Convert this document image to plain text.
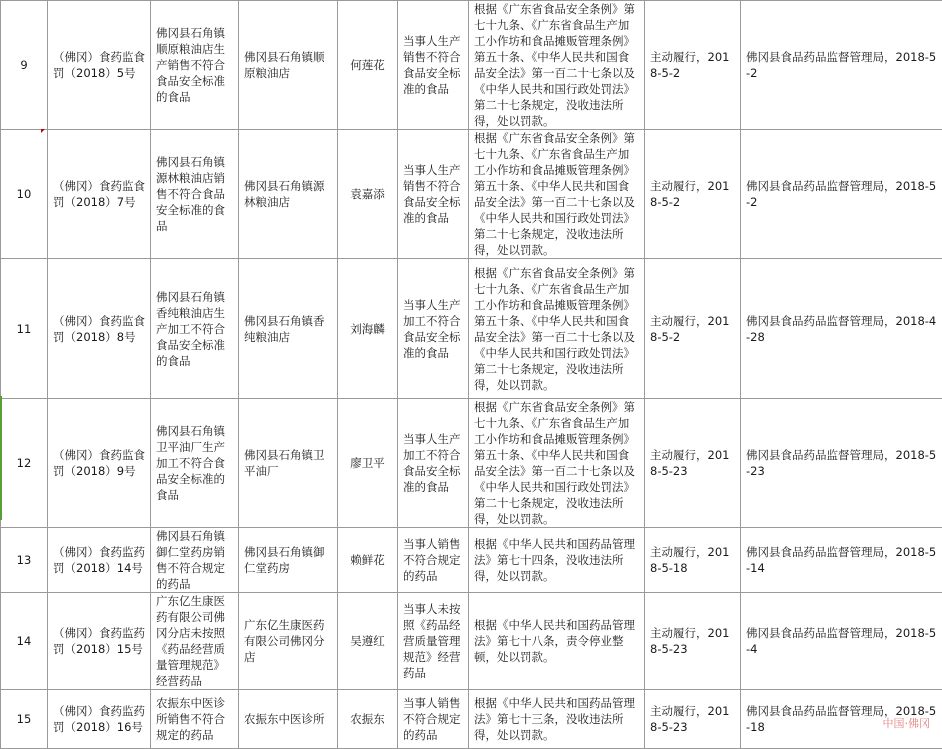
9	（佛冈）食药监食罚（2018）5号	佛冈县石角镇顺原粮油店生产销售不符合食品安全标准的食品	佛冈县石角镇顺原粮油店	何莲花	当事人生产销售不符合食品安全标准的食品	根据《广东省食品安全条例》第七十九条、《广东省食品生产加工小作坊和食品摊贩管理条例》第五十条、《中华人民共和国食品安全法》第一百二十七条以及《中华人民共和国行政处罚法》第二十七条规定，没收违法所得，处以罚款。	主动履行，2018-5-2	佛冈县食品药品监督管理局，2018-5-2
10	（佛冈）食药监食罚（2018）7号	佛冈县石角镇源林粮油店销售不符合食品安全标准的食品	佛冈县石角镇源林粮油店	袁嘉添	当事人生产销售不符合食品安全标准的食品	根据《广东省食品安全条例》第七十九条、《广东省食品生产加工小作坊和食品摊贩管理条例》第五十条、《中华人民共和国食品安全法》第一百二十七条以及《中华人民共和国行政处罚法》第二十七条规定，没收违法所得，处以罚款。	主动履行，2018-5-2	佛冈县食品药品监督管理局，2018-5-2
11	（佛冈）食药监食罚（2018）8号	佛冈县石角镇香纯粮油店生产加工不符合食品安全标准的食品	佛冈县石角镇香纯粮油店	刘海麟	当事人生产加工不符合食品安全标准的食品	根据《广东省食品安全条例》第七十九条、《广东省食品生产加工小作坊和食品摊贩管理条例》第五十条、《中华人民共和国食品安全法》第一百二十七条以及《中华人民共和国行政处罚法》第二十七条规定，没收违法所得，处以罚款。	主动履行，2018-5-2	佛冈县食品药品监督管理局，2018-4-28
12	（佛冈）食药监食罚（2018）9号	佛冈县石角镇卫平油厂生产加工不符合食品安全标准的食品	佛冈县石角镇卫平油厂	廖卫平	当事人生产加工不符合食品安全标准的食品	根据《广东省食品安全条例》第七十九条、《广东省食品生产加工小作坊和食品摊贩管理条例》第五十条、《中华人民共和国食品安全法》第一百二十七条以及《中华人民共和国行政处罚法》第二十七条规定，没收违法所得，处以罚款。	主动履行，2018-5-23	佛冈县食品药品监督管理局，2018-5-23
13	（佛冈）食药监药罚（2018）14号	佛冈县石角镇御仁堂药房销售不符合规定的药品	佛冈县石角镇御仁堂药房	赖鲜花	当事人销售不符合规定的药品	根据《中华人民共和国药品管理法》第七十四条，没收违法所得，处以罚款。	主动履行，2018-5-18	佛冈县食品药品监督管理局，2018-5-14
14	（佛冈）食药监药罚（2018）15号	广东亿生康医药有限公司佛冈分店未按照《药品经营质量管理规范》经营药品	广东亿生康医药有限公司佛冈分店	吴遵红	当事人未按照《药品经营质量管理规范》经营药品	根据《中华人民共和国药品管理法》第七十八条，责令停业整顿，处以罚款。	主动履行，2018-5-23	佛冈县食品药品监督管理局，2018-5-4
15	（佛冈）食药监药罚（2018）16号	农振东中医诊所销售不符合规定的药品	农振东中医诊所	农振东	当事人销售不符合规定的药品	根据《中华人民共和国药品管理法》第七十三条，没收违法所得，处以罚款。	主动履行，2018-5-23	佛冈县食品药品监督管理局，2018-5-18	中国·佛冈
